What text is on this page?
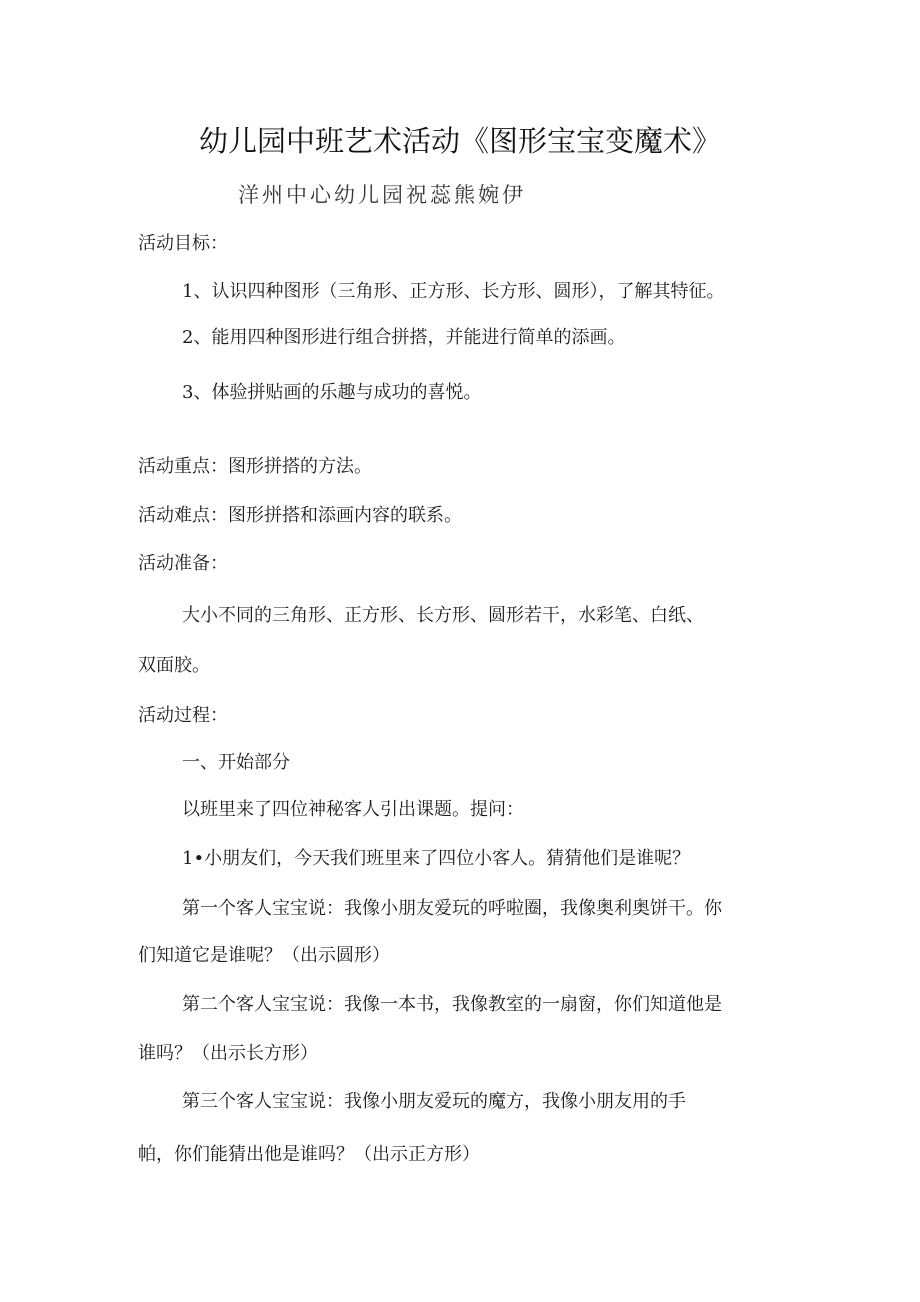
幼儿园中班艺术活动《图形宝宝变魔术》
洋州中心幼儿园祝蕊熊婉伊
活动目标：
1、认识四种图形（三角形、正方形、长方形、圆形），了解其特征。
2、能用四种图形进行组合拼搭，并能进行简单的添画。
3、体验拼贴画的乐趣与成功的喜悦。
活动重点：图形拼搭的方法。
活动难点：图形拼搭和添画内容的联系。
活动准备：
大小不同的三角形、正方形、长方形、圆形若干，水彩笔、白纸、
双面胶。
活动过程：
一、开始部分
以班里来了四位神秘客人引出课题。提问：
1•小朋友们，今天我们班里来了四位小客人。猜猜他们是谁呢？
第一个客人宝宝说：我像小朋友爱玩的呼啦圈，我像奥利奥饼干。你
们知道它是谁呢？（出示圆形）
第二个客人宝宝说：我像一本书，我像教室的一扇窗，你们知道他是
谁吗？（出示长方形）
第三个客人宝宝说：我像小朋友爱玩的魔方，我像小朋友用的手
帕，你们能猜出他是谁吗？（出示正方形）
